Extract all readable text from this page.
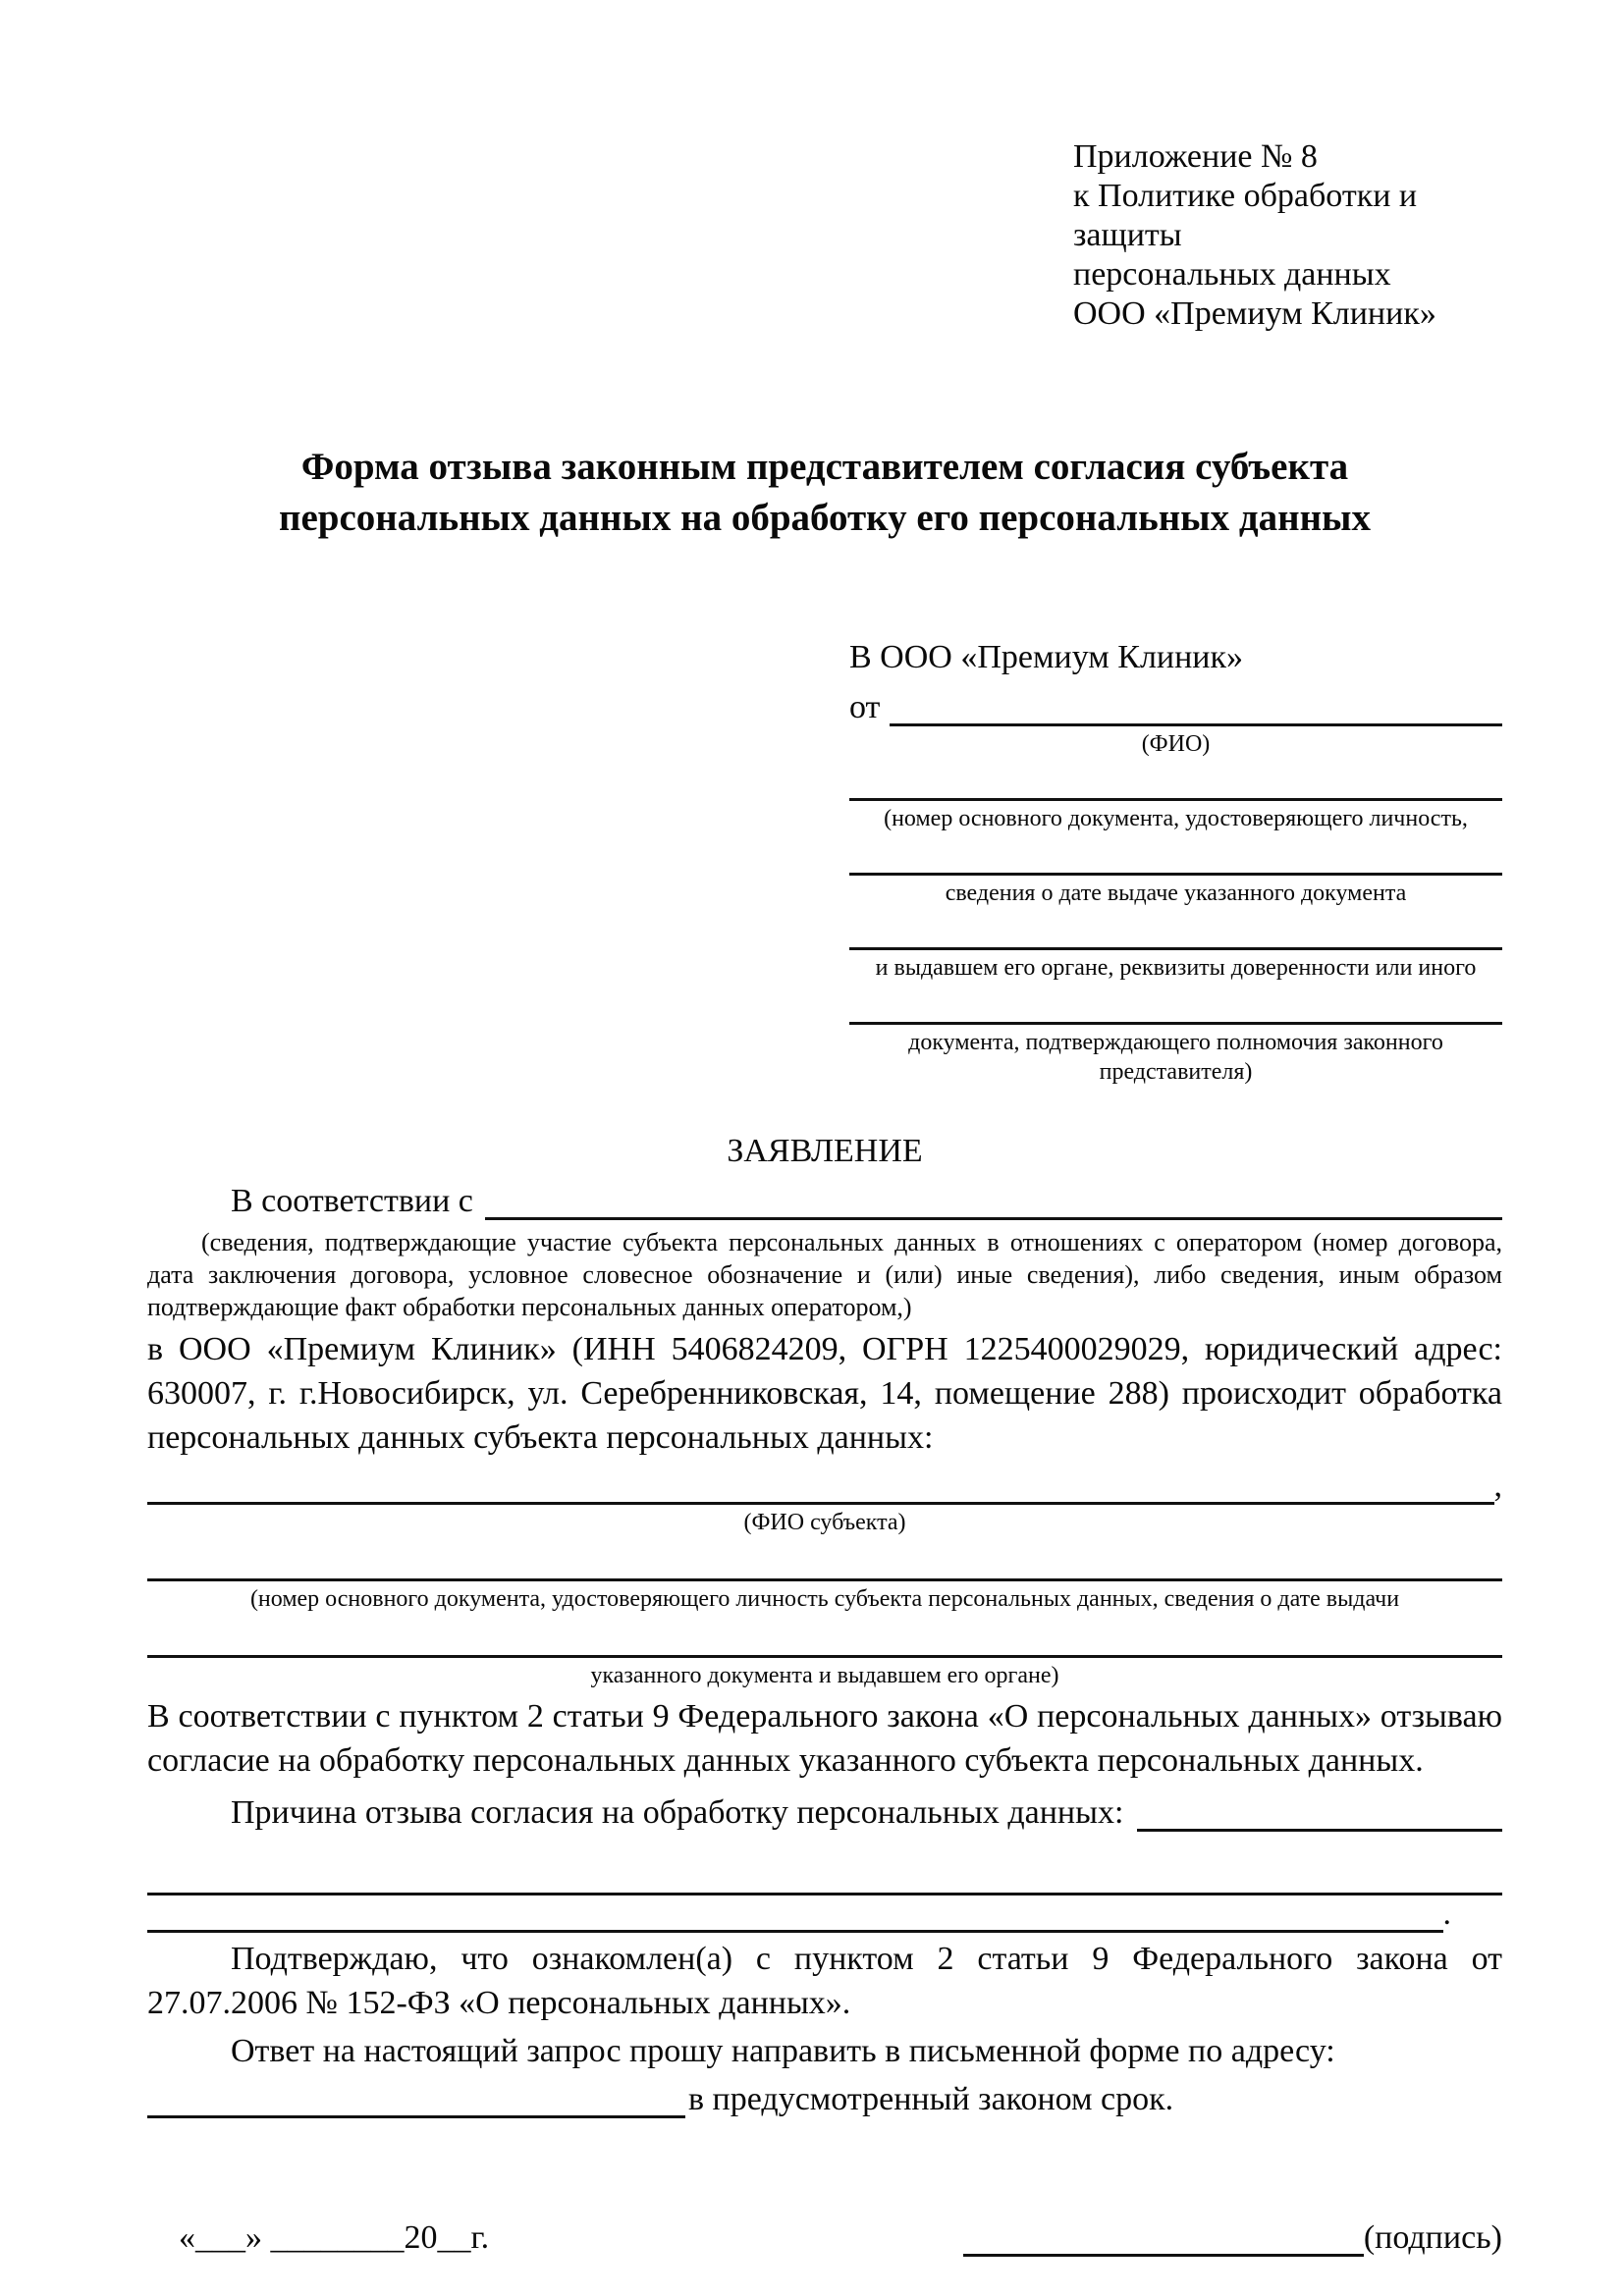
Приложение № 8
к Политике обработки и защиты
персональных данных
ООО «Премиум Клиник»
Форма отзыва законным представителем согласия субъекта
персональных данных на обработку его персональных данных
В ООО «Премиум Клиник»
от
(ФИО)
(номер основного документа, удостоверяющего личность,
сведения о дате выдаче указанного документа
и выдавшем его органе, реквизиты доверенности или иного
документа, подтверждающего полномочия законного представителя)
ЗАЯВЛЕНИЕ
В соответствии с

(сведения, подтверждающие участие субъекта персональных данных в отношениях с оператором (номер договора, дата заключения договора, условное словесное обозначение и (или) иные сведения), либо сведения, иным образом подтверждающие факт обработки персональных данных оператором,)

в ООО «Премиум Клиник» (ИНН 5406824209, ОГРН 1225400029029, юридический адрес: 630007, г. г.Новосибирск, ул. Серебренниковская, 14, помещение 288) происходит обработка персональных данных субъекта персональных данных:

,
(ФИО субъекта)
(номер основного документа, удостоверяющего личность субъекта персональных данных, сведения о дате выдачи
указанного документа и выдавшем его органе)

В соответствии с пунктом 2 статьи 9 Федерального закона «О персональных данных» отзываю согласие на обработку персональных данных указанного субъекта персональных данных.

Причина отзыва согласия на обработку персональных данных:
.

Подтверждаю, что ознакомлен(а) с пунктом 2 статьи 9 Федерального закона от 27.07.2006 № 152-ФЗ «О персональных данных».

Ответ на настоящий запрос прошу направить в письменной форме по адресу:

в предусмотренный законом срок.
«___» ________20__г.	(подпись)
